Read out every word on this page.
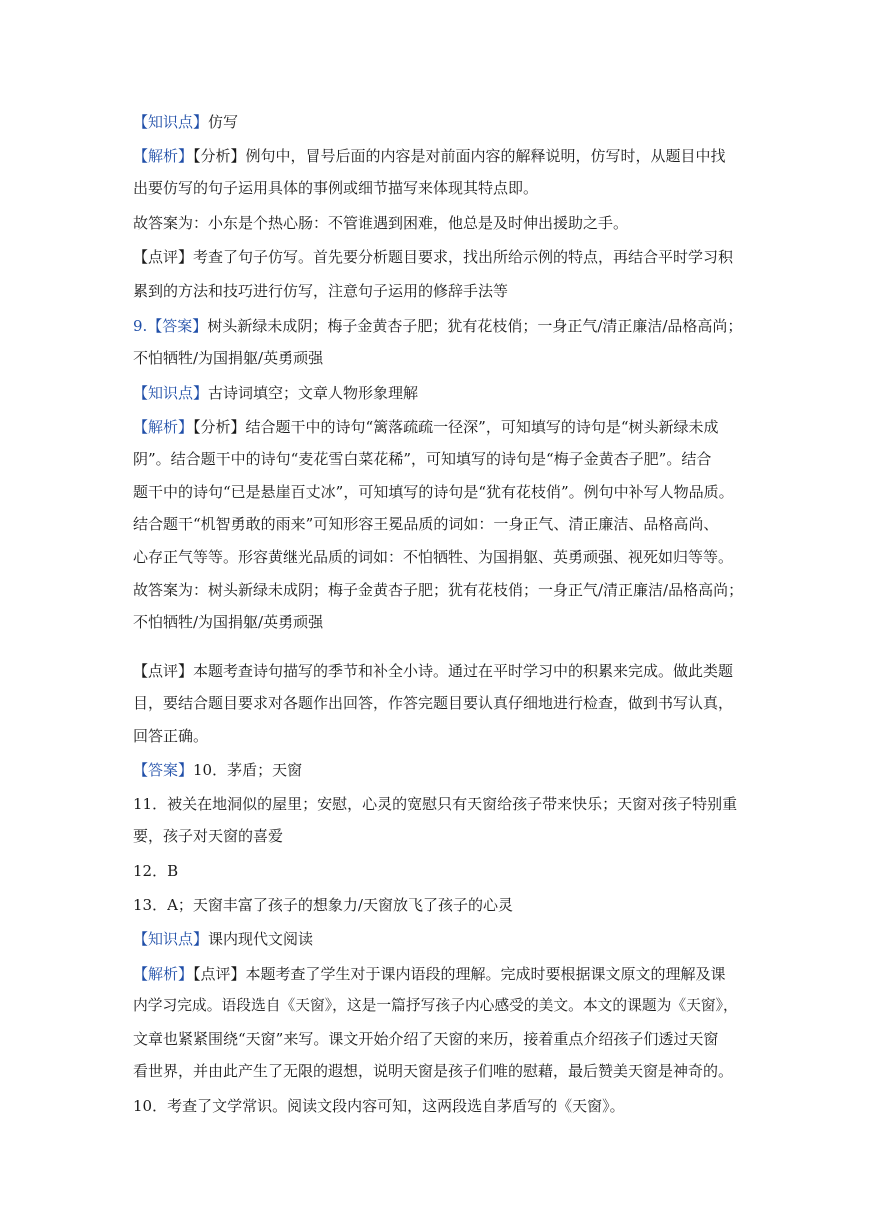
【知识点】仿写
【解析】【分析】例句中，冒号后面的内容是对前面内容的解释说明，仿写时，从题目中找
出要仿写的句子运用具体的事例或细节描写来体现其特点即。
故答案为：小东是个热心肠：不管谁遇到困难，他总是及时伸出援助之手。
【点评】考查了句子仿写。首先要分析题目要求，找出所给示例的特点，再结合平时学习积
累到的方法和技巧进行仿写，注意句子运用的修辞手法等
9.【答案】树头新绿未成阴；梅子金黄杏子肥；犹有花枝俏；一身正气/清正廉洁/品格高尚；
不怕牺牲/为国捐躯/英勇顽强
【知识点】古诗词填空；文章人物形象理解
【解析】【分析】结合题干中的诗句“篱落疏疏一径深”，可知填写的诗句是“树头新绿未成
阴”。结合题干中的诗句“麦花雪白菜花稀”，可知填写的诗句是“梅子金黄杏子肥”。结合
题干中的诗句“已是悬崖百丈冰”，可知填写的诗句是“犹有花枝俏”。例句中补写人物品质。
结合题干“机智勇敢的雨来”可知形容王冕品质的词如：一身正气、清正廉洁、品格高尚、
心存正气等等。形容黄继光品质的词如：不怕牺牲、为国捐躯、英勇顽强、视死如归等等。
故答案为：树头新绿未成阴；梅子金黄杏子肥；犹有花枝俏；一身正气/清正廉洁/品格高尚；
不怕牺牲/为国捐躯/英勇顽强
【点评】本题考查诗句描写的季节和补全小诗。通过在平时学习中的积累来完成。做此类题
目，要结合题目要求对各题作出回答，作答完题目要认真仔细地进行检查，做到书写认真，
回答正确。
【答案】10．茅盾；天窗
11．被关在地洞似的屋里；安慰，心灵的宽慰只有天窗给孩子带来快乐；天窗对孩子特别重
要，孩子对天窗的喜爱
12．B
13．A；天窗丰富了孩子的想象力/天窗放飞了孩子的心灵
【知识点】课内现代文阅读
【解析】【点评】本题考查了学生对于课内语段的理解。完成时要根据课文原文的理解及课
内学习完成。语段选自《天窗》，这是一篇抒写孩子内心感受的美文。本文的课题为《天窗》，
文章也紧紧围绕“天窗”来写。课文开始介绍了天窗的来历，接着重点介绍孩子们透过天窗
看世界，并由此产生了无限的遐想，说明天窗是孩子们唯的慰藉，最后赞美天窗是神奇的。
10．考查了文学常识。阅读文段内容可知，这两段选自茅盾写的《天窗》。
